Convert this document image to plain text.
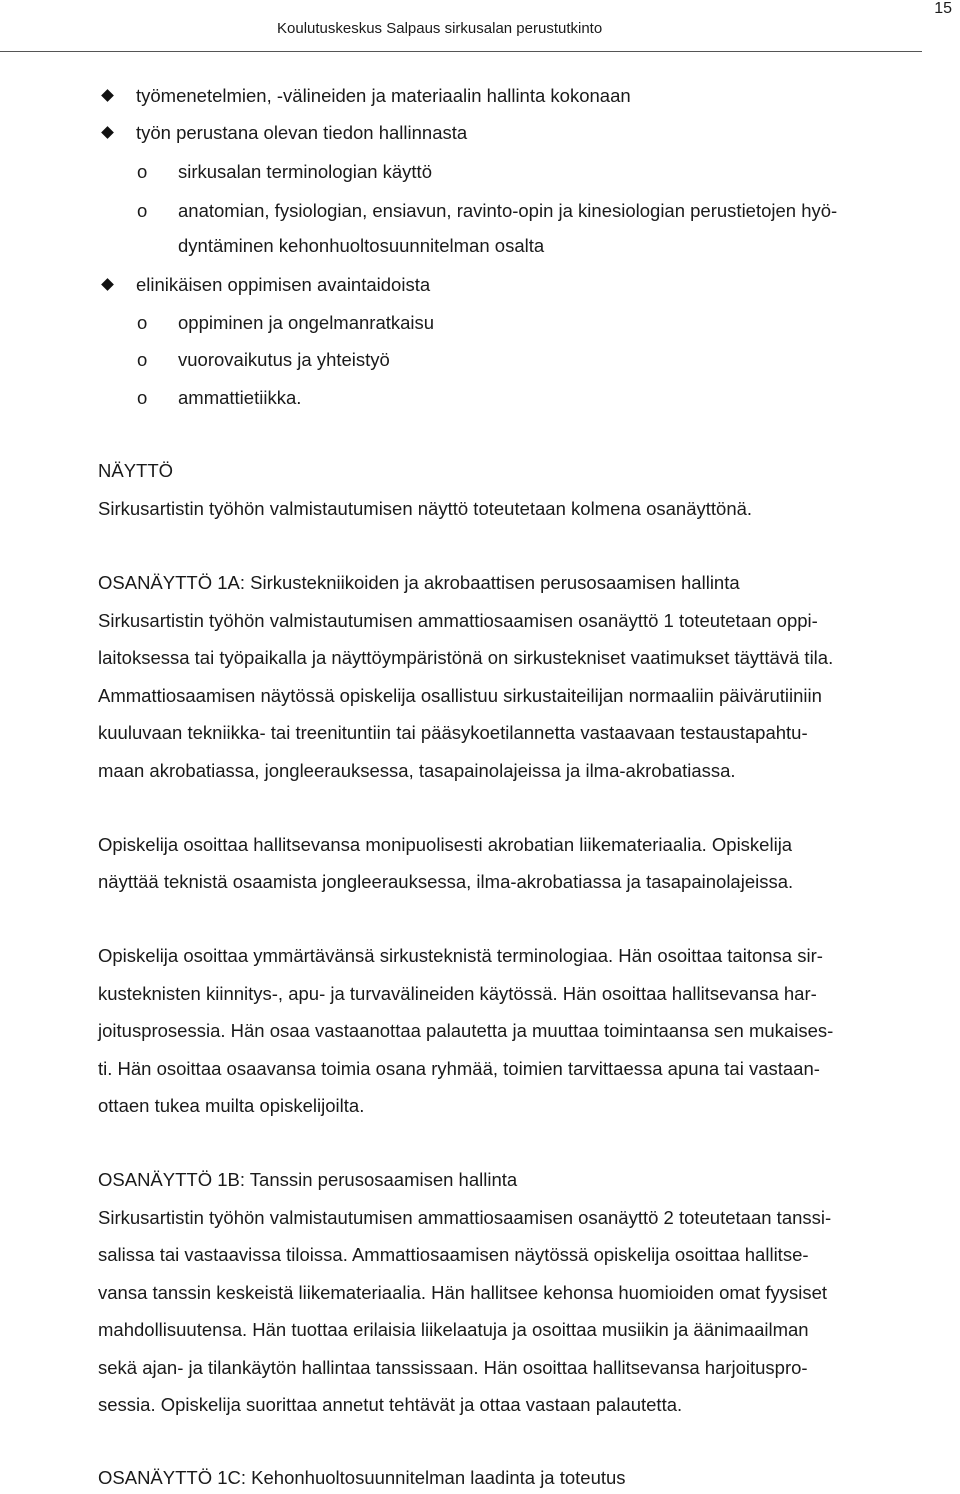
15
Koulutuskeskus Salpaus sirkusalan perustutkinto
työmenetelmien, -välineiden ja materiaalin hallinta kokonaan
työn perustana olevan tiedon hallinnasta
o sirkusalan terminologian käyttö
o anatomian, fysiologian, ensiavun, ravinto-opin ja kinesiologian perustietojen hyö-
dyntäminen kehonhuoltosuunnitelman osalta
elinikäisen oppimisen avaintaidoista
o oppiminen ja ongelmanratkaisu
o vuorovaikutus ja yhteistyö
o ammattietiikka.
NÄYTTÖ
Sirkusartistin työhön valmistautumisen näyttö toteutetaan kolmena osanäyttönä.
OSANÄYTTÖ 1A: Sirkustekniikoiden ja akrobaattisen perusosaamisen hallinta
Sirkusartistin työhön valmistautumisen ammattiosaamisen osanäyttö 1 toteutetaan oppi-
laitoksessa tai työpaikalla ja näyttöympäristönä on sirkustekniset vaatimukset täyttävä tila.
Ammattiosaamisen näytössä opiskelija osallistuu sirkustaiteilijan normaaliin päivärutiiniin
kuuluvaan tekniikka- tai treenituntiin tai pääsykoetilannetta vastaavaan testaustapahtu-
maan akrobatiassa, jongleerauksessa, tasapainolajeissa ja ilma-akrobatiassa.
Opiskelija osoittaa hallitsevansa monipuolisesti akrobatian liikemateriaalia. Opiskelija
näyttää teknistä osaamista jongleerauksessa, ilma-akrobatiassa ja tasapainolajeissa.
Opiskelija osoittaa ymmärtävänsä sirkusteknistä terminologiaa. Hän osoittaa taitonsa sir-
kusteknisten kiinnitys-, apu- ja turvavälineiden käytössä. Hän osoittaa hallitsevansa har-
joitusprosessia. Hän osaa vastaanottaa palautetta ja muuttaa toimintaansa sen mukaises-
ti. Hän osoittaa osaavansa toimia osana ryhmää, toimien tarvittaessa apuna tai vastaan-
ottaen tukea muilta opiskelijoilta.
OSANÄYTTÖ 1B: Tanssin perusosaamisen hallinta
Sirkusartistin työhön valmistautumisen ammattiosaamisen osanäyttö 2 toteutetaan tanssi-
salissa tai vastaavissa tiloissa. Ammattiosaamisen näytössä opiskelija osoittaa hallitse-
vansa tanssin keskeistä liikemateriaalia. Hän hallitsee kehonsa huomioiden omat fyysiset
mahdollisuutensa. Hän tuottaa erilaisia liikelaatuja ja osoittaa musiikin ja äänimaailman
sekä ajan- ja tilankäytön hallintaa tanssissaan. Hän osoittaa hallitsevansa harjoituspro-
sessia. Opiskelija suorittaa annetut tehtävät ja ottaa vastaan palautetta.
OSANÄYTTÖ 1C: Kehonhuoltosuunnitelman laadinta ja toteutus
